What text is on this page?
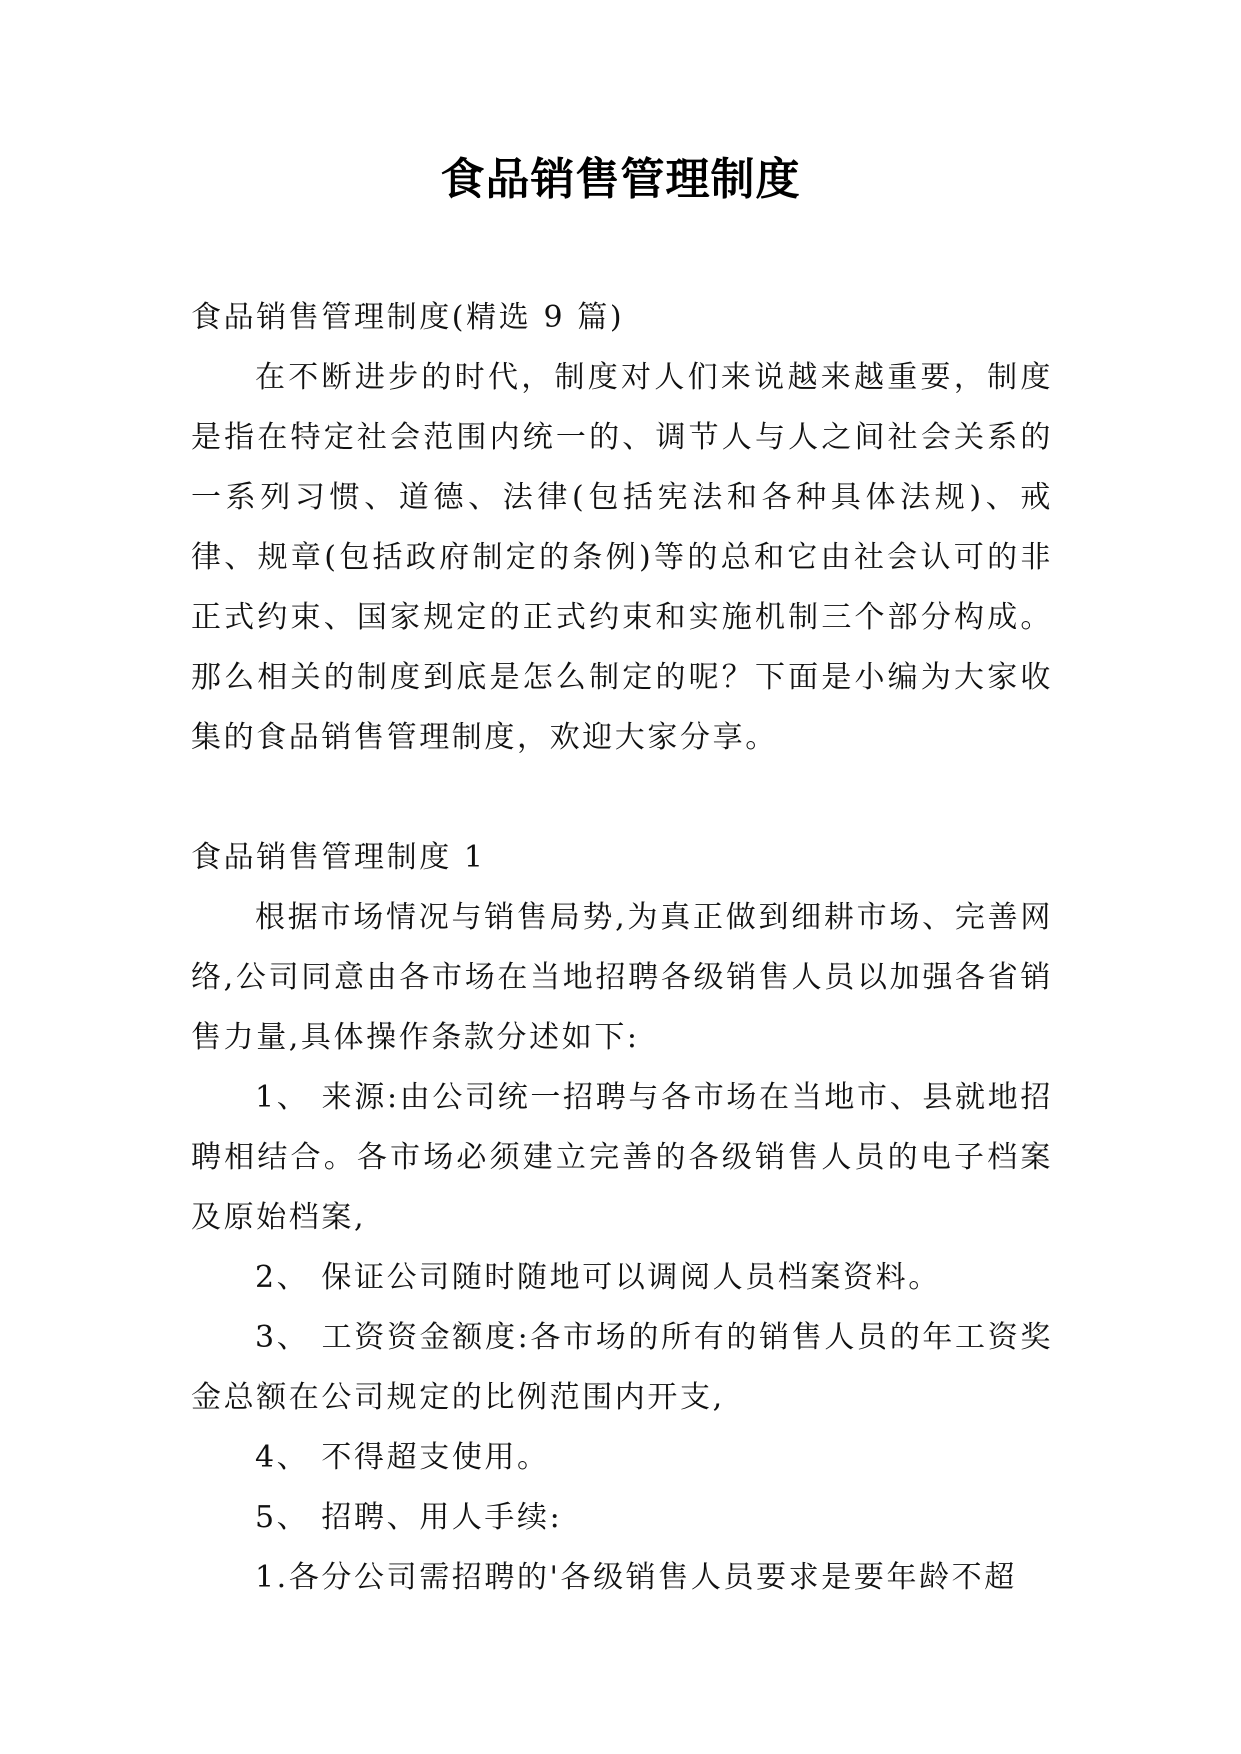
食品销售管理制度
食品销售管理制度(精选 9 篇)
在不断进步的时代，制度对人们来说越来越重要，制度是指在特定社会范围内统一的、调节人与人之间社会关系的一系列习惯、道德、法律(包括宪法和各种具体法规)、戒律、规章(包括政府制定的条例)等的总和它由社会认可的非正式约束、国家规定的正式约束和实施机制三个部分构成。那么相关的制度到底是怎么制定的呢？下面是小编为大家收集的食品销售管理制度，欢迎大家分享。
食品销售管理制度 1
根据市场情况与销售局势,为真正做到细耕市场、完善网络,公司同意由各市场在当地招聘各级销售人员以加强各省销售力量,具体操作条款分述如下:
1、 来源:由公司统一招聘与各市场在当地市、县就地招聘相结合。各市场必须建立完善的各级销售人员的电子档案及原始档案,
2、 保证公司随时随地可以调阅人员档案资料。
3、 工资资金额度:各市场的所有的销售人员的年工资奖金总额在公司规定的比例范围内开支,
4、 不得超支使用。
5、 招聘、用人手续:
1.各分公司需招聘的'各级销售人员要求是要年龄不超
